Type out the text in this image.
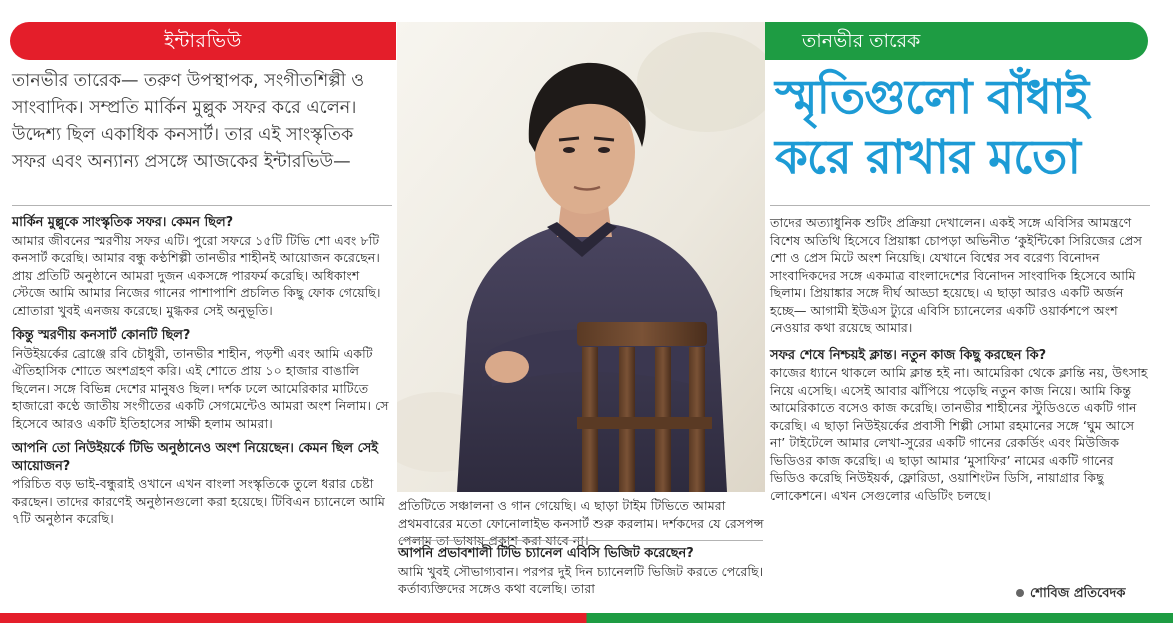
ইন্টারভিউ	তানভীর তারেক
তানভীর তারেক— তরুণ উপস্থাপক, সংগীতশিল্পী ও সাংবাদিক। সম্প্রতি মার্কিন মুল্লুক সফর করে এলেন। উদ্দেশ্য ছিল একাধিক কনসার্ট। তার এই সাংস্কৃতিক সফর এবং অন্যান্য প্রসঙ্গে আজকের ইন্টারভিউ—
স্মৃতিগুলো বাঁধাই
করে রাখার মতো

মার্কিন মুল্লুকে সাংস্কৃতিক সফর। কেমন ছিল?

আমার জীবনের স্মরণীয় সফর এটি। পুরো সফরে ১৫টি টিভি শো এবং ৮টি কনসার্ট করেছি। আমার বন্ধু কণ্ঠশিল্পী তানভীর শাহীনই আয়োজন করেছেন। প্রায় প্রতিটি অনুষ্ঠানে আমরা দুজন একসঙ্গে পারফর্ম করেছি। অধিকাংশ স্টেজে আমি আমার নিজের গানের পাশাপাশি প্রচলিত কিছু ফোক গেয়েছি। শ্রোতারা খুবই এনজয় করেছে। মুগ্ধকর সেই অনুভূতি।

কিন্তু স্মরণীয় কনসার্ট কোনটি ছিল?

নিউইয়র্কের ব্রোঞ্জে রবি চৌধুরী, তানভীর শাহীন, পড়শী এবং আমি একটি ঐতিহাসিক শোতে অংশগ্রহণ করি। এই শোতে প্রায় ১০ হাজার বাঙালি ছিলেন। সঙ্গে বিভিন্ন দেশের মানুষও ছিল। দর্শক ঢলে আমেরিকার মাটিতে হাজারো কণ্ঠে জাতীয় সংগীতের একটি সেগমেন্টেও আমরা অংশ নিলাম। সে হিসেবে আরও একটি ইতিহাসের সাক্ষী হলাম আমরা।

আপনি তো নিউইয়র্কে টিভি অনুষ্ঠানেও অংশ নিয়েছেন। কেমন ছিল সেই আয়োজন?

পরিচিত বড় ভাই-বন্ধুরাই ওখানে এখন বাংলা সংস্কৃতিকে তুলে ধরার চেষ্টা করছেন। তাদের কারণেই অনুষ্ঠানগুলো করা হয়েছে। টিবিএন চ্যানেলে আমি ৭টি অনুষ্ঠান করেছি।

প্রতিটিতে সঞ্চালনা ও গান গেয়েছি। এ ছাড়া টাইম টিভিতে আমরা প্রথমবারের মতো ফোনোলাইভ কনসার্ট শুরু করলাম। দর্শকদের যে রেসপন্স পেলাম তা ভাষায় প্রকাশ করা যাবে না।

আপনি প্রভাবশালী টিভি চ্যানেল এবিসি ভিজিট করেছেন?

আমি খুবই সৌভাগ্যবান। পরপর দুই দিন চ্যানেলটি ভিজিট করতে পেরেছি। কর্তাব্যক্তিদের সঙ্গেও কথা বলেছি। তারা

তাদের অত্যাধুনিক শুটিং প্রক্রিয়া দেখালেন। একই সঙ্গে এবিসির আমন্ত্রণে বিশেষ অতিথি হিসেবে প্রিয়াঙ্কা চোপড়া অভিনীত ‘কুইন্টিকো সিরিজের প্রেস শো ও প্রেস মিটে অংশ নিয়েছি। যেখানে বিশ্বের সব বরেণ্য বিনোদন সাংবাদিকদের সঙ্গে একমাত্র বাংলাদেশের বিনোদন সাংবাদিক হিসেবে আমি ছিলাম। প্রিয়াঙ্কার সঙ্গে দীর্ঘ আড্ডা হয়েছে। এ ছাড়া আরও একটি অর্জন হচ্ছে— আগামী ইউএস ট্যুরে এবিসি চ্যানেলের একটি ওয়ার্কশপে অংশ নেওয়ার কথা রয়েছে আমার।

সফর শেষে নিশ্চয়ই ক্লান্ত। নতুন কাজ কিছু করছেন কি?

কাজের ধ্যানে থাকলে আমি ক্লান্ত হই না। আমেরিকা থেকে ক্লান্তি নয়, উৎসাহ নিয়ে এসেছি। এসেই আবার ঝাঁপিয়ে পড়েছি নতুন কাজ নিয়ে। আমি কিন্তু আমেরিকাতে বসেও কাজ করেছি। তানভীর শাহীনের স্টুডিওতে একটি গান করেছি। এ ছাড়া নিউইয়র্কের প্রবাসী শিল্পী সোমা রহমানের সঙ্গে ‘ঘুম আসে না’ টাইটেলে আমার লেখা-সুরের একটি গানের রেকর্ডিং এবং মিউজিক ভিডিওর কাজ করেছি। এ ছাড়া আমার ‘মুসাফির’ নামের একটি গানের ভিডিও করেছি নিউইয়র্ক, ফ্লোরিডা, ওয়াশিংটন ডিসি, নায়াগ্রার কিছু লোকেশনে। এখন সেগুলোর এডিটিং চলছে।

শোবিজ প্রতিবেদক
